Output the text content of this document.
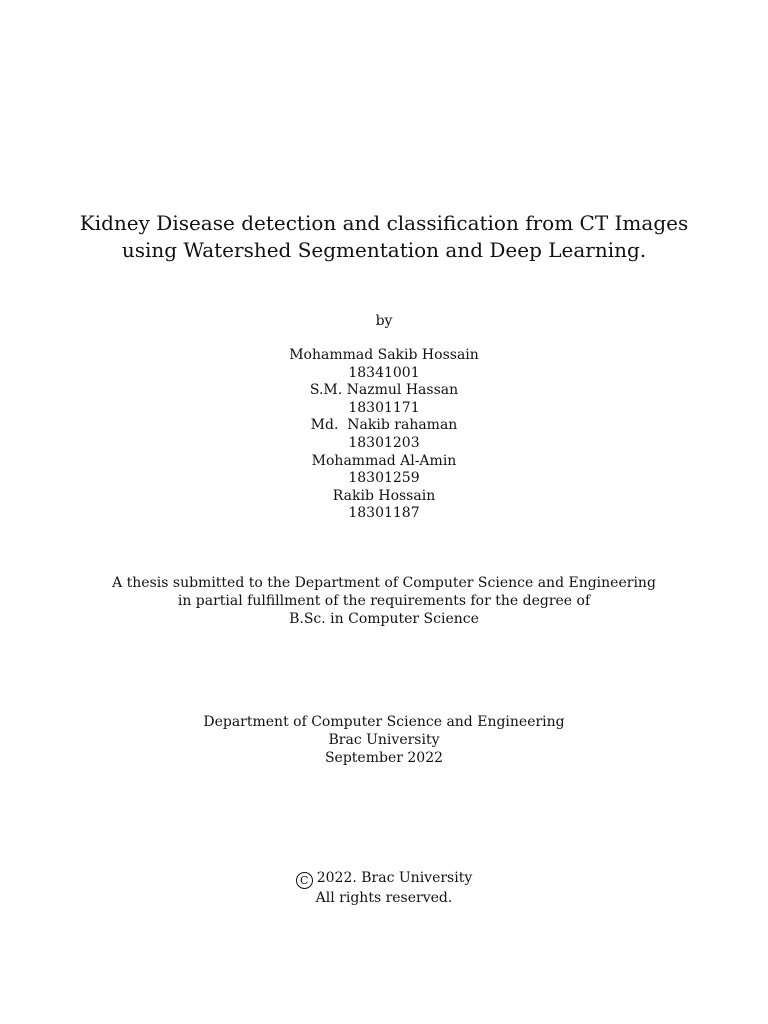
Kidney Disease detection and classification from CT Images
using Watershed Segmentation and Deep Learning.
by
Mohammad Sakib Hossain
18341001
S.M. Nazmul Hassan
18301171
Md.  Nakib rahaman
18301203
Mohammad Al-Amin
18301259
Rakib Hossain
18301187
A thesis submitted to the Department of Computer Science and Engineering
in partial fulfillment of the requirements for the degree of
B.Sc. in Computer Science
Department of Computer Science and Engineering
Brac University
September 2022
C 2022. Brac University
All rights reserved.
